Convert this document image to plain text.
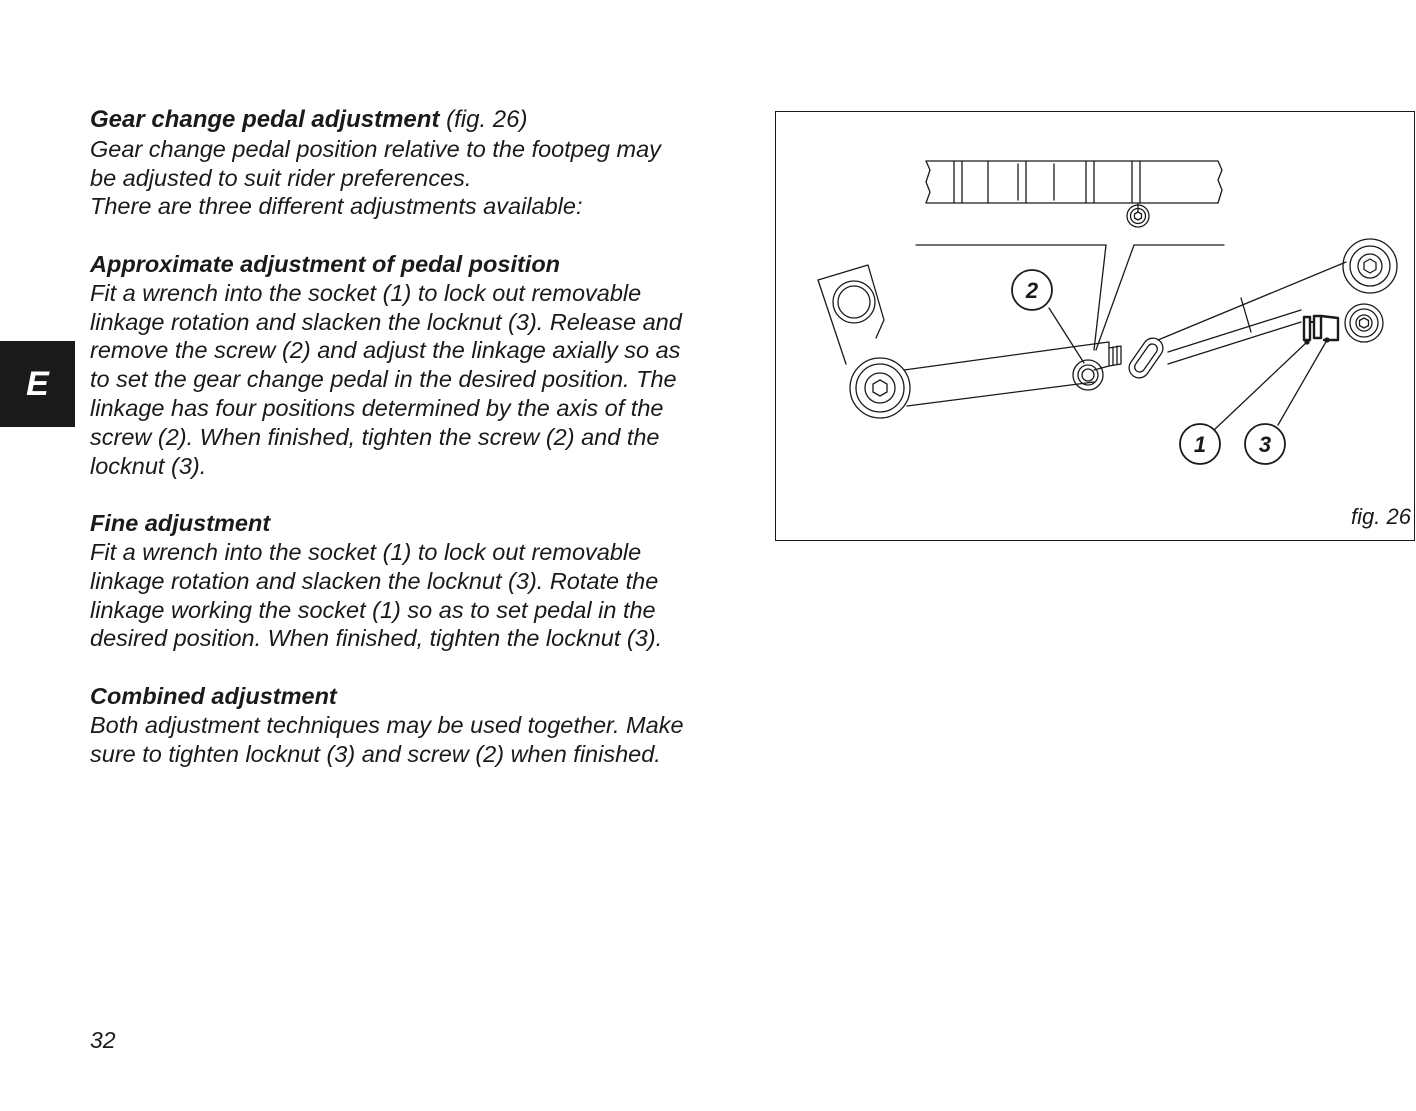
E

Gear change pedal adjustment (fig. 26)

Gear change pedal position relative to the footpeg may

be adjusted to suit rider preferences.

There are three different adjustments available:

Approximate adjustment of pedal position

Fit a wrench into the socket (1) to lock out removable

linkage rotation and slacken the locknut (3). Release and

remove the screw (2) and adjust the linkage axially so as

to set the gear change pedal in the desired position. The

linkage has four positions determined by the axis of the

screw (2). When finished, tighten the screw (2) and the

locknut (3).

Fine adjustment

Fit a wrench into the socket (1) to lock out removable

linkage rotation and slacken the locknut (3). Rotate the

linkage working the socket (1) so as to set pedal in the

desired position. When finished, tighten the locknut (3).

Combined adjustment

Both adjustment techniques may be used together. Make

sure to tighten locknut (3) and screw (2) when finished.

2
1 3
fig. 26
32
